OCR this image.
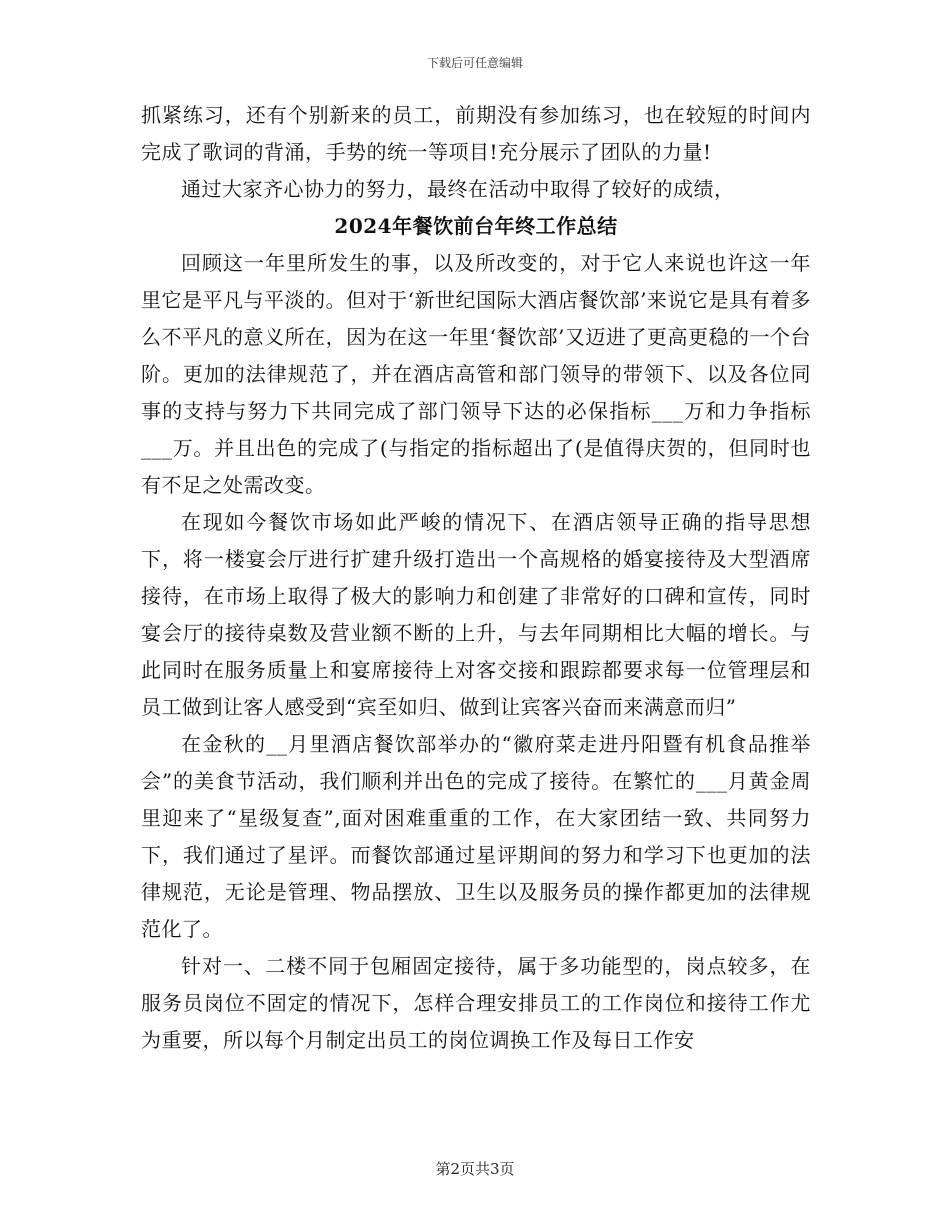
下载后可任意编辑

抓紧练习，还有个别新来的员工，前期没有参加练习，也在较短的时间内完成了歌词的背涌，手势的统一等项目!充分展示了团队的力量!

通过大家齐心协力的努力，最终在活动中取得了较好的成绩，

2024年餐饮前台年终工作总结

回顾这一年里所发生的事，以及所改变的，对于它人来说也许这一年里它是平凡与平淡的。但对于‘新世纪国际大酒店餐饮部’来说它是具有着多么不平凡的意义所在，因为在这一年里‘餐饮部’又迈进了更高更稳的一个台阶。更加的法律规范了，并在酒店高管和部门领导的带领下、以及各位同事的支持与努力下共同完成了部门领导下达的必保指标___万和力争指标___万。并且出色的完成了(与指定的指标超出了(是值得庆贺的，但同时也有不足之处需改变。

在现如今餐饮市场如此严峻的情况下、在酒店领导正确的指导思想下，将一楼宴会厅进行扩建升级打造出一个高规格的婚宴接待及大型酒席接待，在市场上取得了极大的影响力和创建了非常好的口碑和宣传，同时宴会厅的接待桌数及营业额不断的上升，与去年同期相比大幅的增长。与此同时在服务质量上和宴席接待上对客交接和跟踪都要求每一位管理层和员工做到让客人感受到“宾至如归、做到让宾客兴奋而来满意而归”

在金秋的__月里酒店餐饮部举办的“徽府菜走进丹阳暨有机食品推举会”的美食节活动，我们顺利并出色的完成了接待。在繁忙的___月黄金周里迎来了“星级复查”,面对困难重重的工作，在大家团结一致、共同努力下，我们通过了星评。而餐饮部通过星评期间的努力和学习下也更加的法律规范，无论是管理、物品摆放、卫生以及服务员的操作都更加的法律规范化了。

针对一、二楼不同于包厢固定接待，属于多功能型的，岗点较多，在服务员岗位不固定的情况下，怎样合理安排员工的工作岗位和接待工作尤为重要，所以每个月制定出员工的岗位调换工作及每日工作安

第2页共3页
